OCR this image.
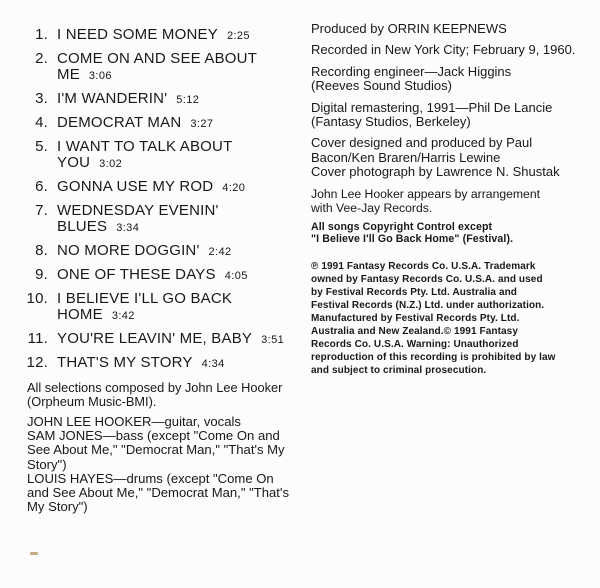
1. I NEED SOME MONEY 2:25
2. COME ON AND SEE ABOUT
ME 3:06
3. I'M WANDERIN' 5:12
4. DEMOCRAT MAN 3:27
5. I WANT TO TALK ABOUT
YOU 3:02
6. GONNA USE MY ROD 4:20
7. WEDNESDAY EVENIN'
BLUES 3:34
8. NO MORE DOGGIN' 2:42
9. ONE OF THESE DAYS 4:05
10. I BELIEVE I'LL GO BACK
HOME 3:42
11. YOU'RE LEAVIN' ME, BABY 3:51
12. THAT'S MY STORY 4:34
All selections composed by John Lee Hooker
(Orpheum Music-BMI).
JOHN LEE HOOKER—guitar, vocals
SAM JONES—bass (except "Come On and
See About Me," "Democrat Man," "That's My
Story")
LOUIS HAYES—drums (except "Come On
and See About Me," "Democrat Man," "That's
My Story")
Produced by ORRIN KEEPNEWS
Recorded in New York City; February 9, 1960.
Recording engineer—Jack Higgins
(Reeves Sound Studios)
Digital remastering, 1991—Phil De Lancie
(Fantasy Studios, Berkeley)
Cover designed and produced by Paul
Bacon/Ken Braren/Harris Lewine
Cover photograph by Lawrence N. Shustak
John Lee Hooker appears by arrangement
with Vee-Jay Records.
All songs Copyright Control except
"I Believe I'll Go Back Home" (Festival).
℗ 1991 Fantasy Records Co. U.S.A. Trademark
owned by Fantasy Records Co. U.S.A. and used
by Festival Records Pty. Ltd. Australia and
Festival Records (N.Z.) Ltd. under authorization.
Manufactured by Festival Records Pty. Ltd.
Australia and New Zealand.© 1991 Fantasy
Records Co. U.S.A. Warning: Unauthorized
reproduction of this recording is prohibited by law
and subject to criminal prosecution.
